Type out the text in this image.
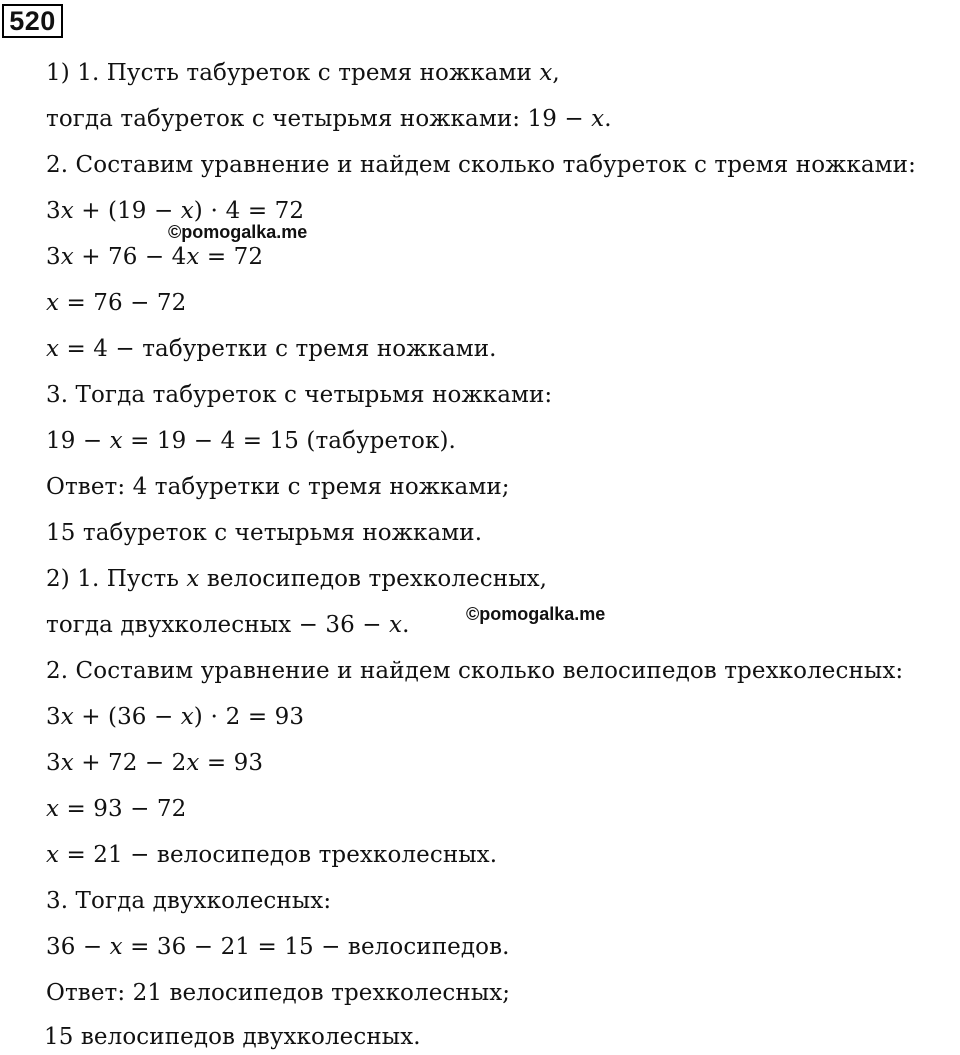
520
1) 1. Пусть табуреток с тремя ножками 𝑥,
тогда табуреток с четырьмя ножками: 19 − 𝑥.
2. Составим уравнение и найдем сколько табуреток с тремя ножками:
3𝑥 + (19 − 𝑥) ⋅ 4 = 72
3𝑥 + 76 − 4𝑥 = 72
𝑥 = 76 − 72
𝑥 = 4 − табуретки с тремя ножками.
3. Тогда табуреток с четырьмя ножками:
19 − 𝑥 = 19 − 4 = 15 (табуреток).
Ответ: 4 табуретки с тремя ножками;
15 табуреток с четырьмя ножками.
2) 1. Пусть 𝑥 велосипедов трехколесных,
тогда двухколесных − 36 − 𝑥.
2. Составим уравнение и найдем сколько велосипедов трехколесных:
3𝑥 + (36 − 𝑥) ⋅ 2 = 93
3𝑥 + 72 − 2𝑥 = 93
𝑥 = 93 − 72
𝑥 = 21 − велосипедов трехколесных.
3. Тогда двухколесных:
36 − 𝑥 = 36 − 21 = 15 − велосипедов.
Ответ: 21 велосипедов трехколесных;
15 велосипедов двухколесных.
©pomogalka.me
©pomogalka.me
